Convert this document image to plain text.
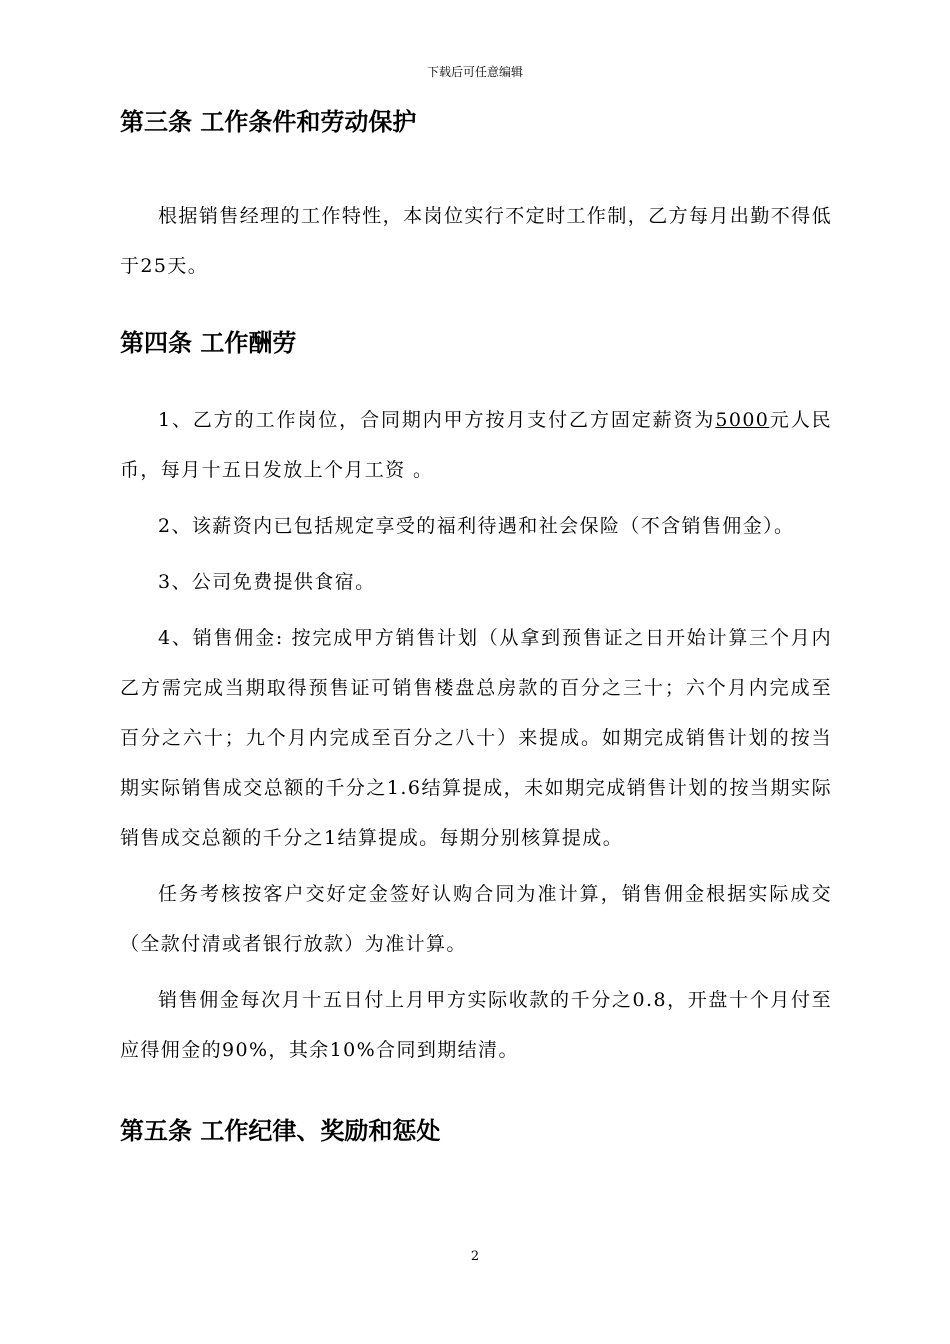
下载后可任意编辑
第三条 工作条件和劳动保护

根据销售经理的工作特性，本岗位实行不定时工作制，乙方每月出勤不得低于25天。

第四条 工作酬劳

1、乙方的工作岗位，合同期内甲方按月支付乙方固定薪资为5000元人民币，每月十五日发放上个月工资 。

2、该薪资内已包括规定享受的福利待遇和社会保险（不含销售佣金）。

3、公司免费提供食宿。

4、销售佣金: 按完成甲方销售计划（从拿到预售证之日开始计算三个月内乙方需完成当期取得预售证可销售楼盘总房款的百分之三十；六个月内完成至百分之六十；九个月内完成至百分之八十）来提成。如期完成销售计划的按当期实际销售成交总额的千分之1.6结算提成，未如期完成销售计划的按当期实际销售成交总额的千分之1结算提成。每期分别核算提成。

任务考核按客户交好定金签好认购合同为准计算，销售佣金根据实际成交（全款付清或者银行放款）为准计算。

销售佣金每次月十五日付上月甲方实际收款的千分之0.8，开盘十个月付至应得佣金的90%，其余10%合同到期结清。

第五条 工作纪律、奖励和惩处
2
